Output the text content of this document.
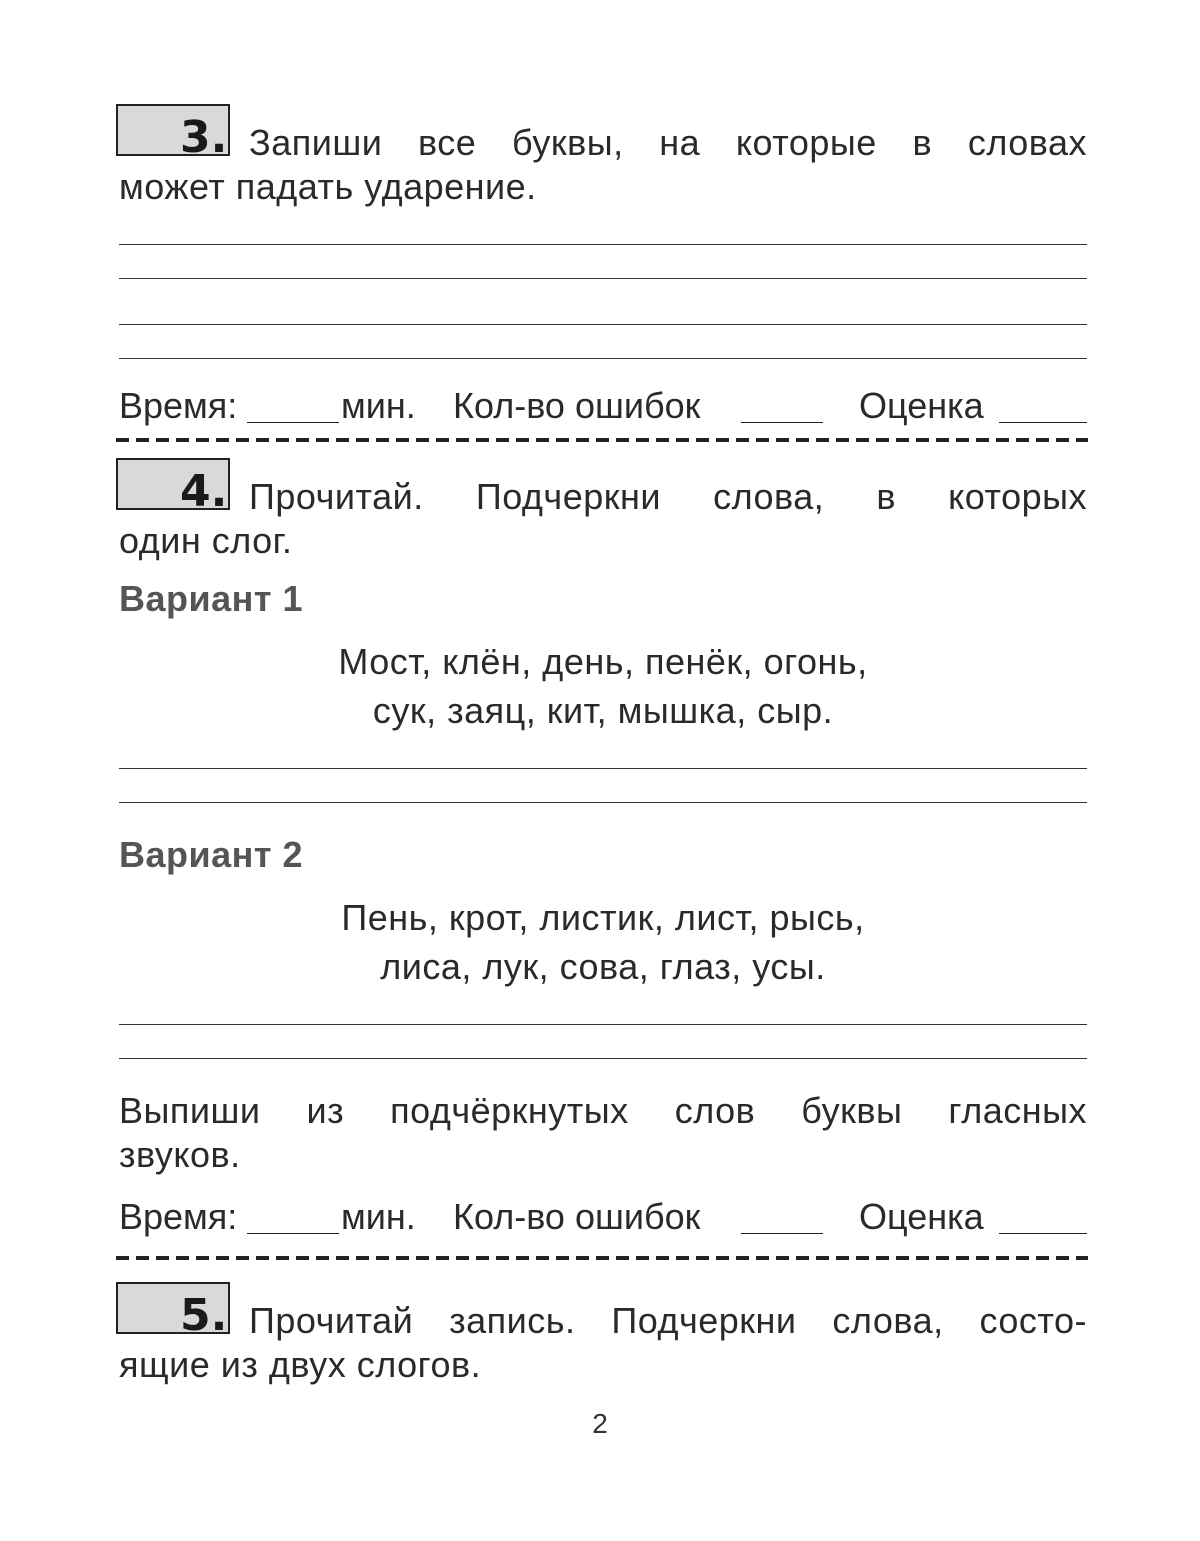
3. Запиши все буквы, на которые в словах
может падать ударение.
Время:	мин. Кол-во ошибок	Оценка
4. Прочитай. Подчеркни слова, в которых
один слог.
Вариант 1
Мост, клён, день, пенёк, огонь,
сук, заяц, кит, мышка, сыр.
Вариант 2
Пень, крот, листик, лист, рысь,
лиса, лук, сова, глаз, усы.
Выпиши из подчёркнутых слов буквы гласных
звуков.
Время:	мин. Кол-во ошибок	Оценка
5. Прочитай запись. Подчеркни слова, состо-
ящие из двух слогов.
2
